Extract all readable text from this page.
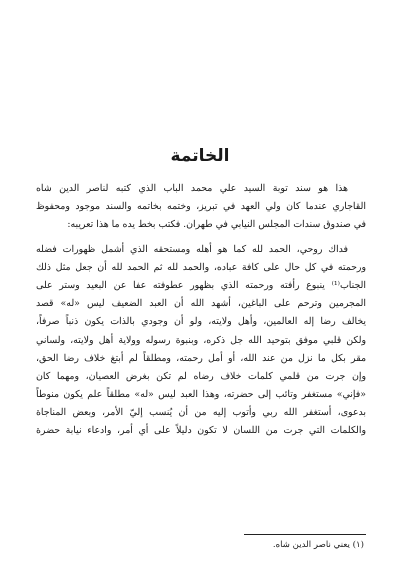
الخاتمة
هذا هو سند توبة السيد علي محمد الباب الذي كتبه لناصر الدين شاه
القاجاري عندما كان ولي العهد في تبريز، وختمه بخاتمه والسند موجود ومحفوظ
في صندوق سندات المجلس النيابي في طهران. فكتب بخط يده ما هذا تعريبه:
فداك روحي، الحمد لله كما هو أهله ومستحقه الذي أشمل ظهورات فضله
ورحمته في كل حال على كافة عباده، والحمد لله ثم الحمد لله أن جعل مثل ذلك
الجناب⁽¹⁾ ينبوع رأفته ورحمته الذي بظهور عطوفته عفا عن البعيد وستر على
المجرمين وترحم على الباغين، أشهد الله أن العبد الضعيف ليس «له» قصد
يخالف رضا إله العالمين، وأهل ولايته، ولو أن وجودي بالذات يكون ذنباً صرفاً،
ولكن قلبي موفق بتوحيد الله جل ذكره، وبنبوة رسوله وولاية أهل ولايته، ولساني
مقر بكل ما نزل من عند الله، أو أمل رحمته، ومطلقاً لم أبتغ خلاف رضا الحق،
وإن جرت من قلمي كلمات خلاف رضاه لم تكن بغرض العصيان، ومهما كان
«فإني» مستغفر وتائب إلى حضرته، وهذا العبد ليس «له» مطلقاً علم يكون منوطاً
بدعوى، أستغفر الله ربي وأتوب إليه من أن يُنسب إليّ الأمر، وبعض المناجاة
والكلمات التي جرت من اللسان لا تكون دليلاً على أي أمر، وادعاء نيابة حضرة
(١) يعني ناصر الدين شاه.
